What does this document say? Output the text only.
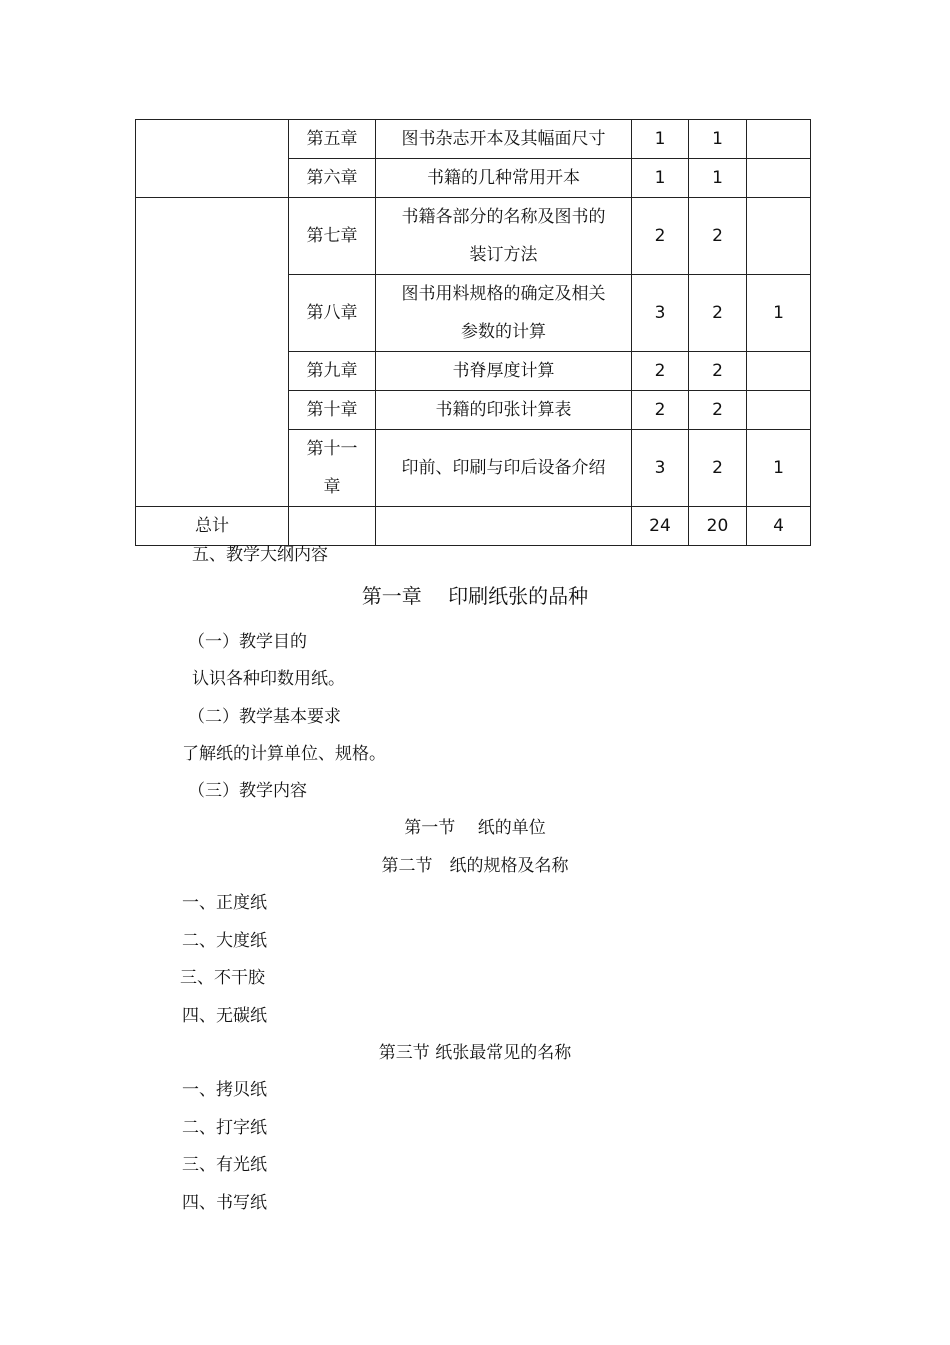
	第五章	图书杂志开本及其幅面尺寸	1	1	
	第六章	书籍的几种常用开本	1	1	
	第七章	书籍各部分的名称及图书的
装订方法	2	2	
	第八章	图书用料规格的确定及相关
参数的计算	3	2	1
	第九章	书脊厚度计算	2	2	
	第十章	书籍的印张计算表	2	2	

	第十一
章	印前、印刷与印后设备介绍	3	2	1
总计			24	20	4
五、教学大纲内容
第一章　 印刷纸张的品种
（一）教学目的
认识各种印数用纸。
（二）教学基本要求
了解纸的计算单位、规格。
（三）教学内容
第一节　 纸的单位
第二节　纸的规格及名称
一、正度纸
二、大度纸
三、不干胶
四、无碳纸
第三节 纸张最常见的名称
一、拷贝纸
二、打字纸
三、有光纸
四、书写纸
